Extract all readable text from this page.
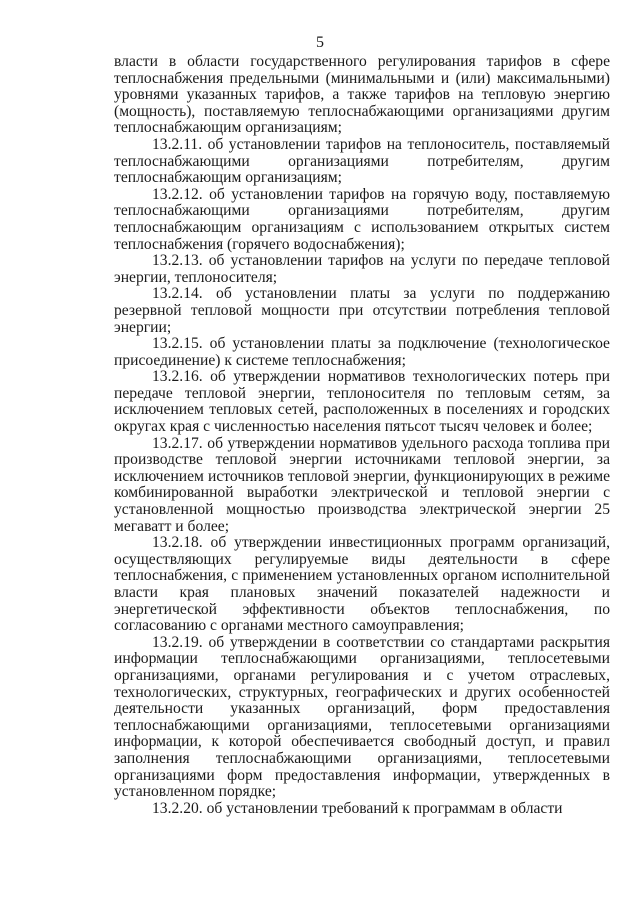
5

власти в области государственного регулирования тарифов в сфере теплоснабжения предельными (минимальными и (или) максимальными) уровнями указанных тарифов, а также тарифов на тепловую энергию (мощность), поставляемую теплоснабжающими организациями другим теплоснабжающим организациям;

13.2.11. об установлении тарифов на теплоноситель, поставляемый теплоснабжающими организациями потребителям, другим теплоснабжающим организациям;

13.2.12. об установлении тарифов на горячую воду, поставляемую теплоснабжающими организациями потребителям, другим теплоснабжающим организациям с использованием открытых систем теплоснабжения (горячего водоснабжения);

13.2.13. об установлении тарифов на услуги по передаче тепловой энергии, теплоносителя;

13.2.14. об установлении платы за услуги по поддержанию резервной тепловой мощности при отсутствии потребления тепловой энергии;

13.2.15. об установлении платы за подключение (технологическое присоединение) к системе теплоснабжения;

13.2.16. об утверждении нормативов технологических потерь при передаче тепловой энергии, теплоносителя по тепловым сетям, за исключением тепловых сетей, расположенных в поселениях и городских округах края с численностью населения пятьсот тысяч человек и более;

13.2.17. об утверждении нормативов удельного расхода топлива при производстве тепловой энергии источниками тепловой энергии, за исключением источников тепловой энергии, функционирующих в режиме комбинированной выработки электрической и тепловой энергии с установленной мощностью производства электрической энергии 25 мегаватт и более;

13.2.18. об утверждении инвестиционных программ организаций, осуществляющих регулируемые виды деятельности в сфере теплоснабжения, с применением установленных органом исполнительной власти края плановых значений показателей надежности и энергетической эффективности объектов теплоснабжения, по согласованию с органами местного самоуправления;

13.2.19. об утверждении в соответствии со стандартами раскрытия информации теплоснабжающими организациями, теплосетевыми организациями, органами регулирования и с учетом отраслевых, технологических, структурных, географических и других особенностей деятельности указанных организаций, форм предоставления теплоснабжающими организациями, теплосетевыми организациями информации, к которой обеспечивается свободный доступ, и правил заполнения теплоснабжающими организациями, теплосетевыми организациями форм предоставления информации, утвержденных в установленном порядке;

13.2.20. об установлении требований к программам в области
